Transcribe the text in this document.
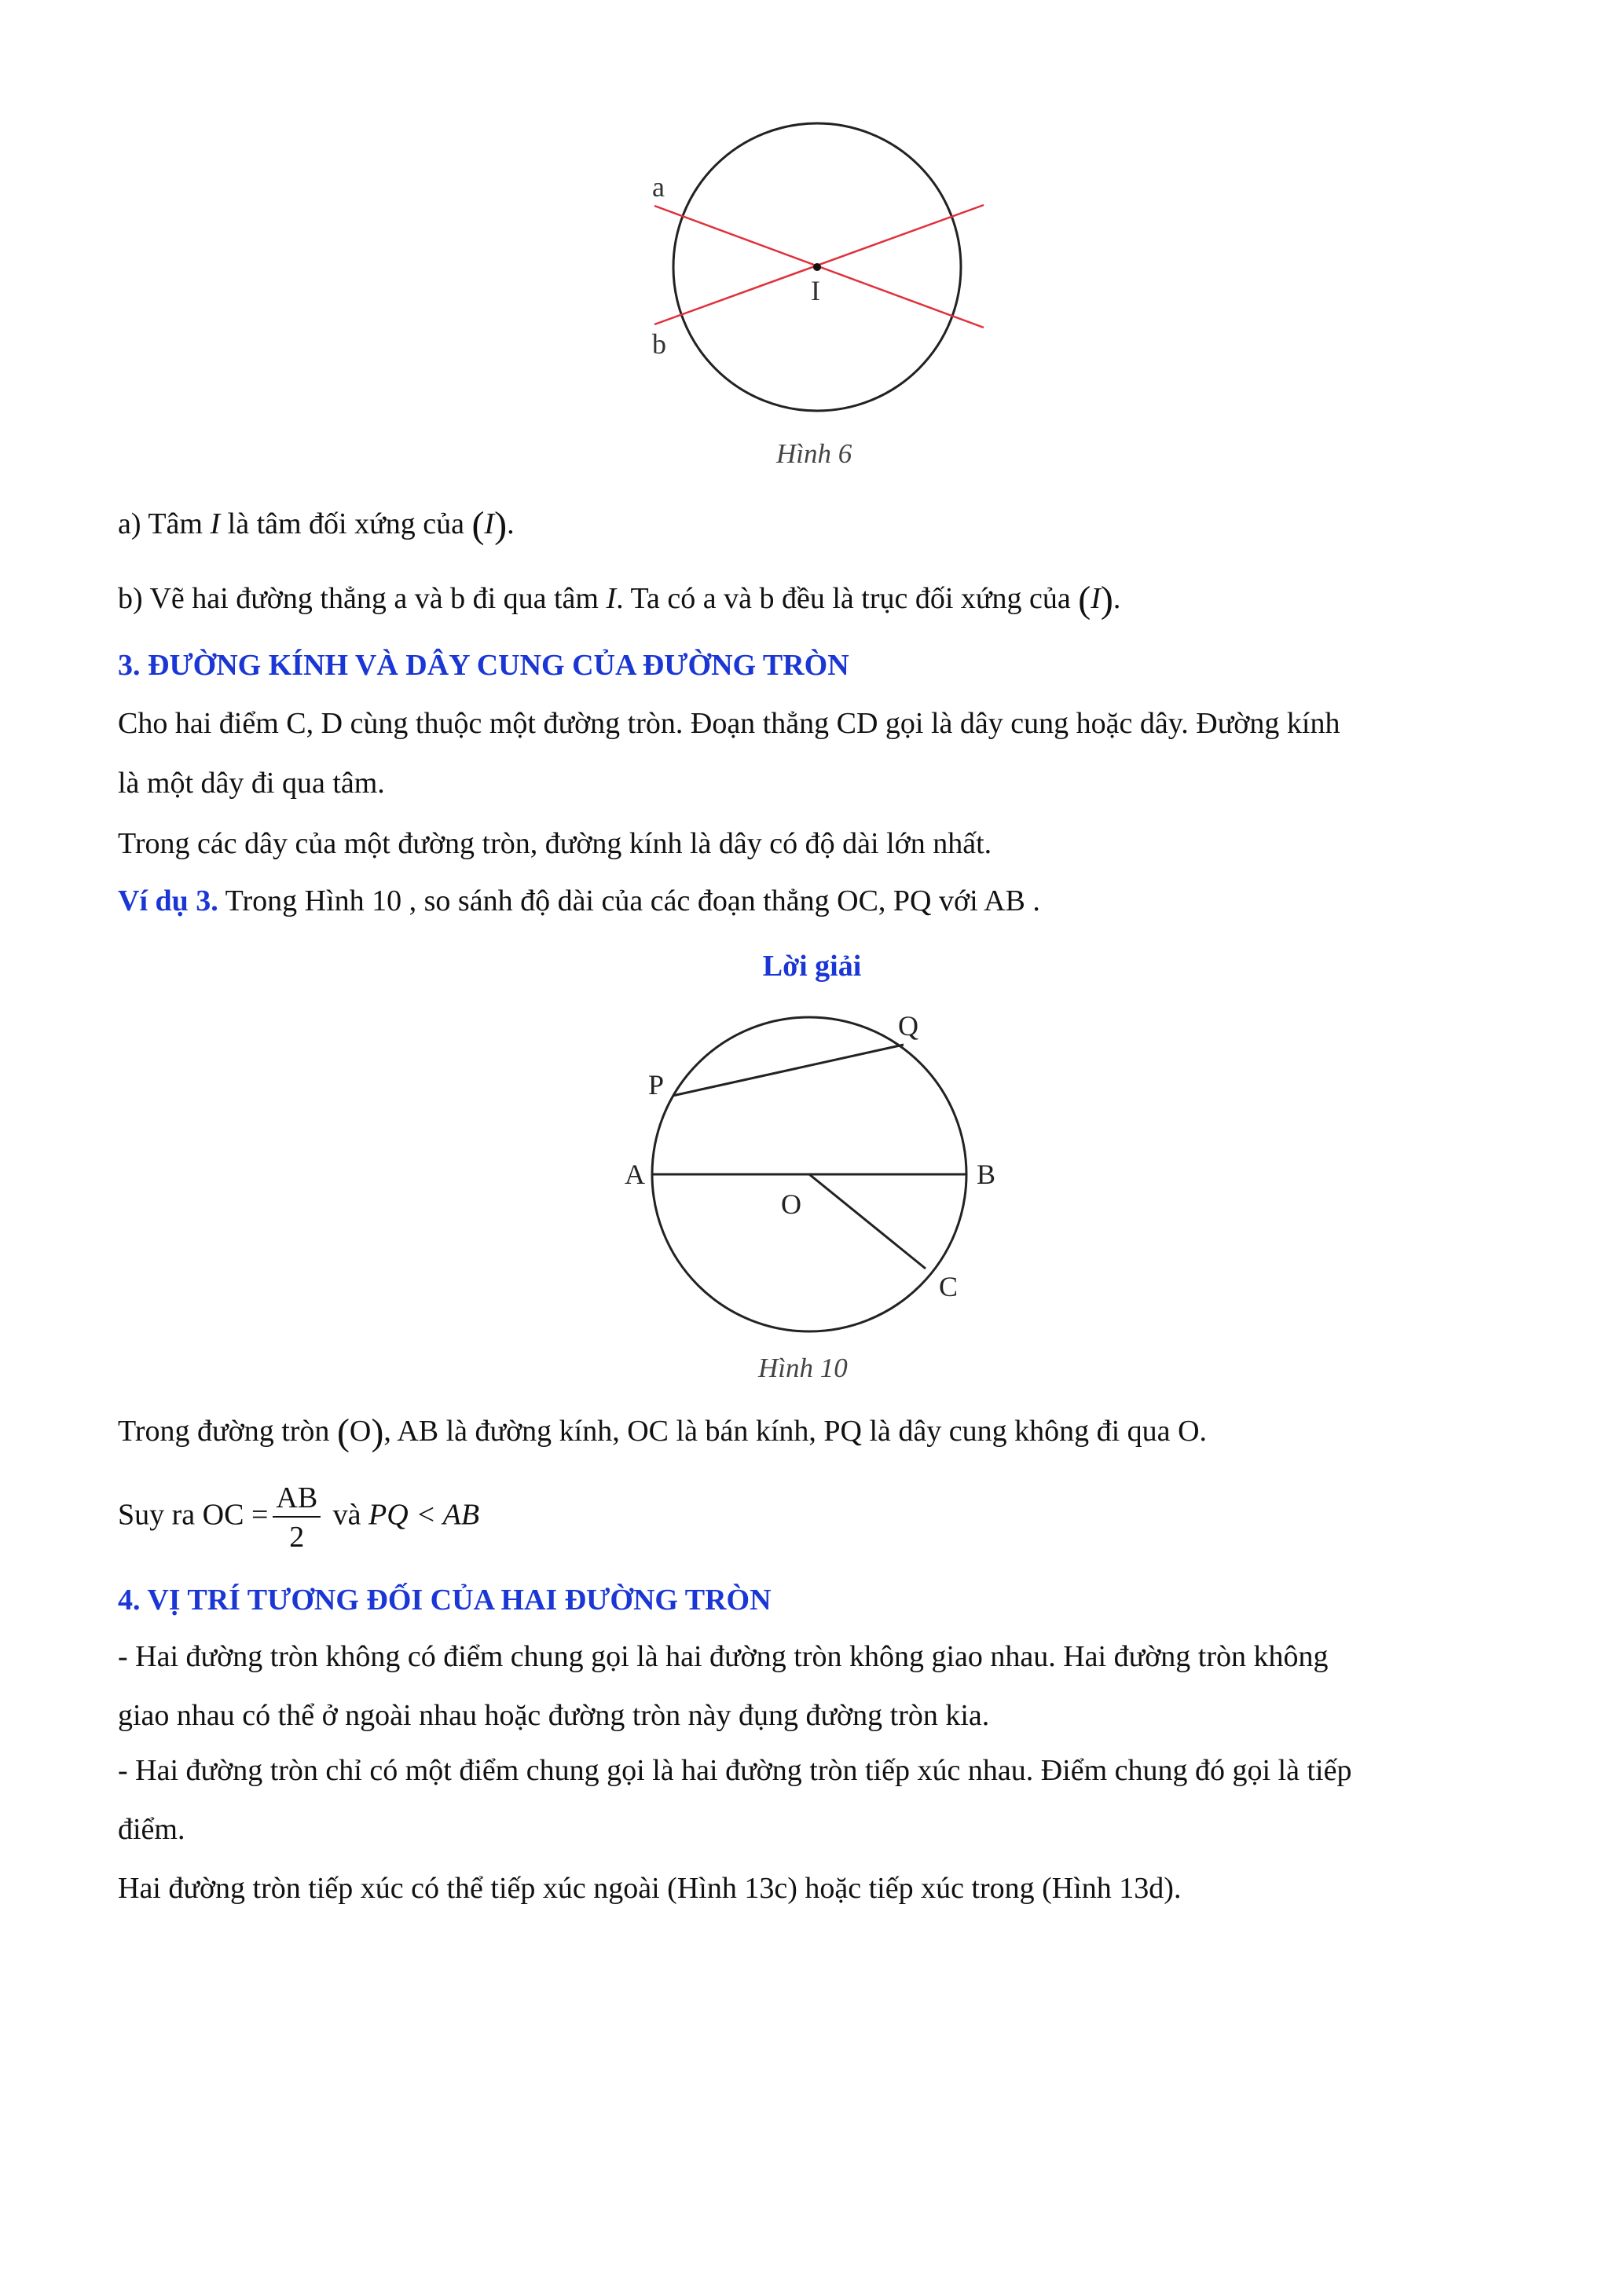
a
b
I
Hình 6
a) Tâm I là tâm đối xứng của (I).
b) Vẽ hai đường thẳng a và b đi qua tâm I. Ta có a và b đều là trục đối xứng của (I).
3. ĐƯỜNG KÍNH VÀ DÂY CUNG CỦA ĐƯỜNG TRÒN
Cho hai điểm C, D cùng thuộc một đường tròn. Đoạn thẳng CD gọi là dây cung hoặc dây. Đường kính
là một dây đi qua tâm.
Trong các dây của một đường tròn, đường kính là dây có độ dài lớn nhất.
Ví dụ 3. Trong Hình 10 , so sánh độ dài của các đoạn thẳng OC, PQ với AB .
Lời giải
P
Q
A	B
O
C
Hình 10
Trong đường tròn (O), AB là đường kính, OC là bán kính, PQ là dây cung không đi qua O.
Suy ra OC = $\frac{AB}{2}$ và PQ < AB
4. VỊ TRÍ TƯƠNG ĐỐI CỦA HAI ĐƯỜNG TRÒN
- Hai đường tròn không có điểm chung gọi là hai đường tròn không giao nhau. Hai đường tròn không
giao nhau có thể ở ngoài nhau hoặc đường tròn này đụng đường tròn kia.
- Hai đường tròn chỉ có một điểm chung gọi là hai đường tròn tiếp xúc nhau. Điểm chung đó gọi là tiếp
điểm.
Hai đường tròn tiếp xúc có thể tiếp xúc ngoài (Hình 13c) hoặc tiếp xúc trong (Hình 13d).
